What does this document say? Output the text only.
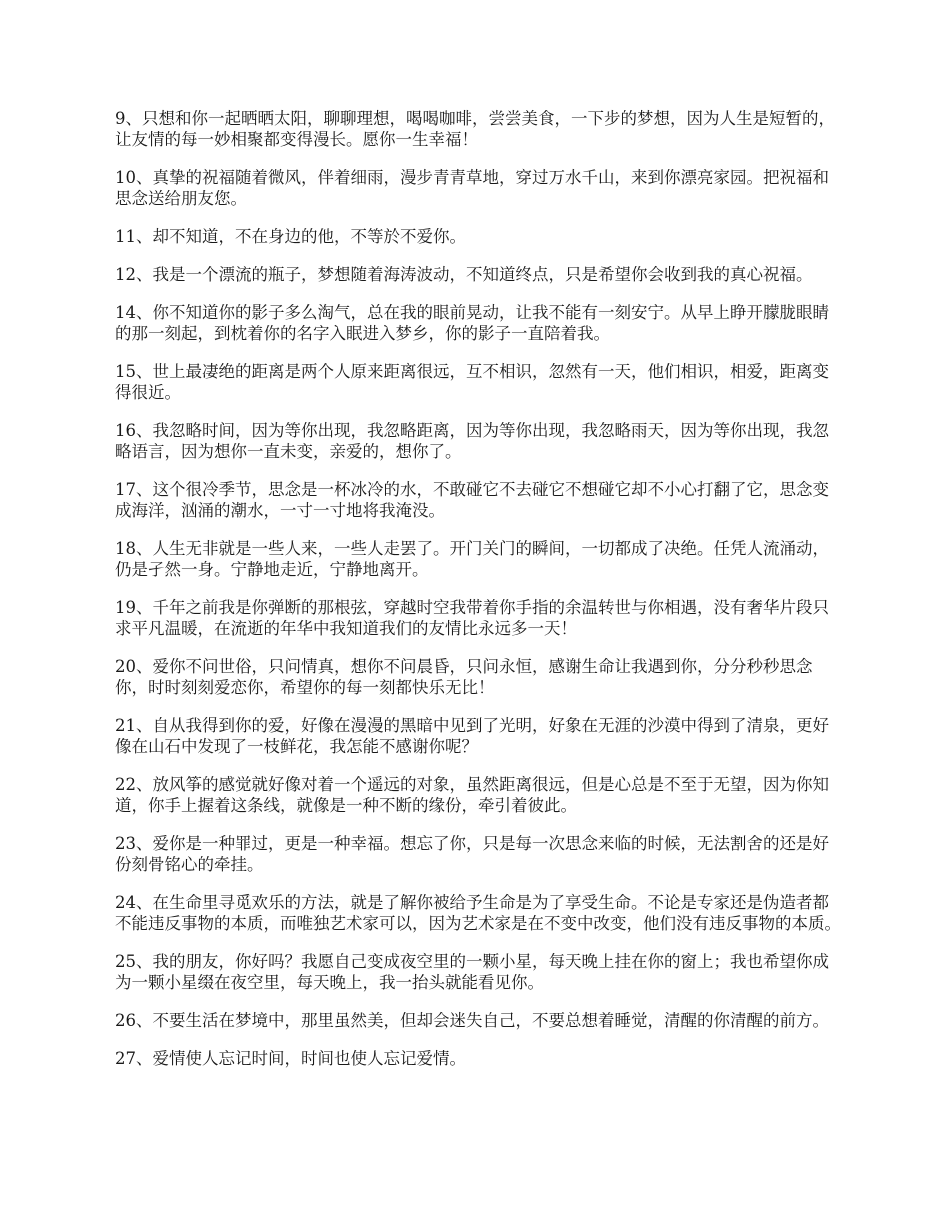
9、只想和你一起晒晒太阳，聊聊理想，喝喝咖啡，尝尝美食，一下步的梦想，因为人生是短暂的，让友情的每一妙相聚都变得漫长。愿你一生幸福！

10、真挚的祝福随着微风，伴着细雨，漫步青青草地，穿过万水千山，来到你漂亮家园。把祝福和思念送给朋友您。

11、却不知道，不在身边的他，不等於不爱你。

12、我是一个漂流的瓶子，梦想随着海涛波动，不知道终点，只是希望你会收到我的真心祝福。

14、你不知道你的影子多么淘气，总在我的眼前晃动，让我不能有一刻安宁。从早上睁开朦胧眼睛的那一刻起，到枕着你的名字入眠进入梦乡，你的影子一直陪着我。

15、世上最凄绝的距离是两个人原来距离很远，互不相识，忽然有一天，他们相识，相爱，距离变得很近。

16、我忽略时间，因为等你出现，我忽略距离，因为等你出现，我忽略雨天，因为等你出现，我忽略语言，因为想你一直未变，亲爱的，想你了。

17、这个很冷季节，思念是一杯冰冷的水，不敢碰它不去碰它不想碰它却不小心打翻了它，思念变成海洋，汹涌的潮水，一寸一寸地将我淹没。

18、人生无非就是一些人来，一些人走罢了。开门关门的瞬间，一切都成了决绝。任凭人流涌动，仍是孑然一身。宁静地走近，宁静地离开。

19、千年之前我是你弹断的那根弦，穿越时空我带着你手指的余温转世与你相遇，没有奢华片段只求平凡温暖，在流逝的年华中我知道我们的友情比永远多一天！

20、爱你不问世俗，只问情真，想你不问晨昏，只问永恒，感谢生命让我遇到你，分分秒秒思念你，时时刻刻爱恋你，希望你的每一刻都快乐无比！

21、自从我得到你的爱，好像在漫漫的黑暗中见到了光明，好象在无涯的沙漠中得到了清泉，更好像在山石中发现了一枝鲜花，我怎能不感谢你呢？

22、放风筝的感觉就好像对着一个遥远的对象，虽然距离很远，但是心总是不至于无望，因为你知道，你手上握着这条线，就像是一种不断的缘份，牵引着彼此。

23、爱你是一种罪过，更是一种幸福。想忘了你，只是每一次思念来临的时候，无法割舍的还是好份刻骨铭心的牵挂。

24、在生命里寻觅欢乐的方法，就是了解你被给予生命是为了享受生命。不论是专家还是伪造者都不能违反事物的本质，而唯独艺术家可以，因为艺术家是在不变中改变，他们没有违反事物的本质。

25、我的朋友，你好吗？我愿自己变成夜空里的一颗小星，每天晚上挂在你的窗上；我也希望你成为一颗小星缀在夜空里，每天晚上，我一抬头就能看见你。

26、不要生活在梦境中，那里虽然美，但却会迷失自己，不要总想着睡觉，清醒的你清醒的前方。

27、爱情使人忘记时间，时间也使人忘记爱情。
